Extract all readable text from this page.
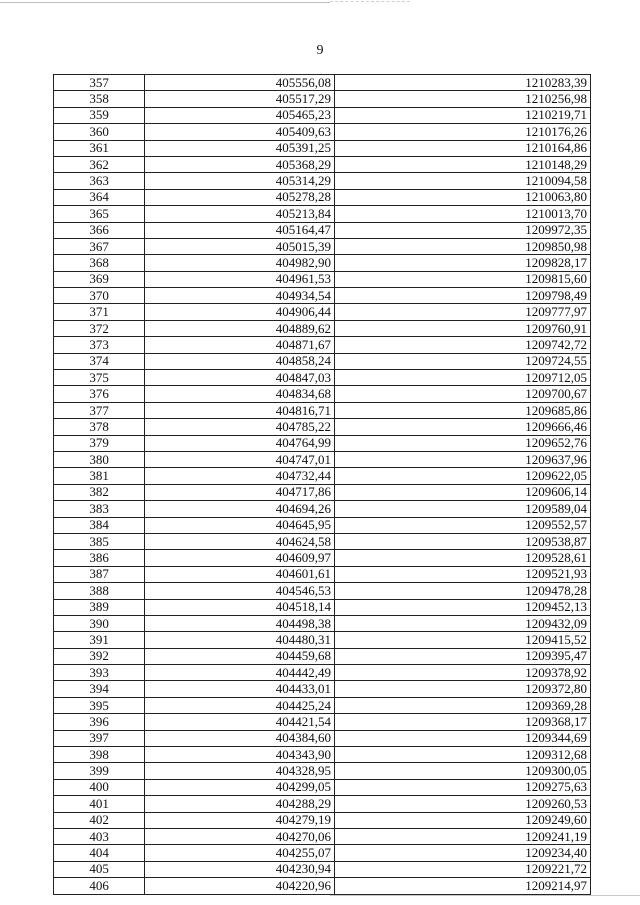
9
357	405556,08	1210283,39
358	405517,29	1210256,98
359	405465,23	1210219,71
360	405409,63	1210176,26
361	405391,25	1210164,86
362	405368,29	1210148,29
363	405314,29	1210094,58
364	405278,28	1210063,80
365	405213,84	1210013,70
366	405164,47	1209972,35
367	405015,39	1209850,98
368	404982,90	1209828,17
369	404961,53	1209815,60
370	404934,54	1209798,49
371	404906,44	1209777,97
372	404889,62	1209760,91
373	404871,67	1209742,72
374	404858,24	1209724,55
375	404847,03	1209712,05
376	404834,68	1209700,67
377	404816,71	1209685,86
378	404785,22	1209666,46
379	404764,99	1209652,76
380	404747,01	1209637,96
381	404732,44	1209622,05
382	404717,86	1209606,14
383	404694,26	1209589,04
384	404645,95	1209552,57
385	404624,58	1209538,87
386	404609,97	1209528,61
387	404601,61	1209521,93
388	404546,53	1209478,28
389	404518,14	1209452,13
390	404498,38	1209432,09
391	404480,31	1209415,52
392	404459,68	1209395,47
393	404442,49	1209378,92
394	404433,01	1209372,80
395	404425,24	1209369,28
396	404421,54	1209368,17
397	404384,60	1209344,69
398	404343,90	1209312,68
399	404328,95	1209300,05
400	404299,05	1209275,63
401	404288,29	1209260,53
402	404279,19	1209249,60
403	404270,06	1209241,19
404	404255,07	1209234,40
405	404230,94	1209221,72
406	404220,96	1209214,97
